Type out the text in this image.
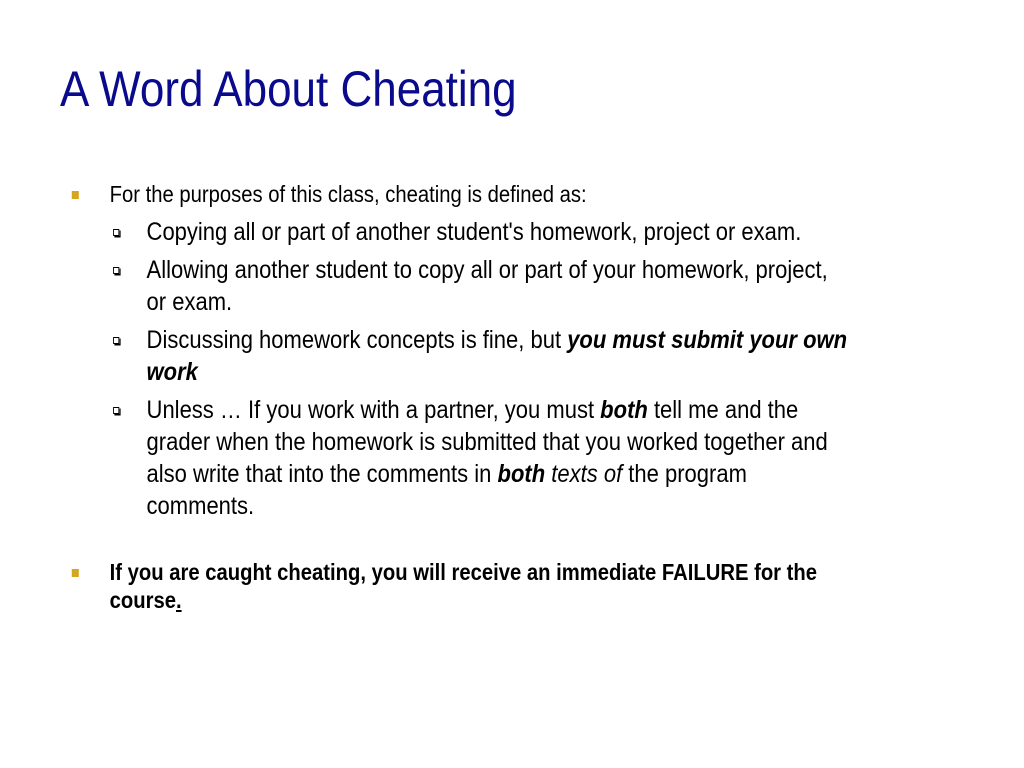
A Word About Cheating
For the purposes of this class, cheating is defined as:
Copying all or part of another student's homework, project or exam.
Allowing another student to copy all or part of your homework, project, or exam.
Discussing homework concepts is fine, but you must submit your own work
Unless … If you work with a partner, you must both tell me and the grader when the homework is submitted that you worked together and also write that into the comments in both texts of the program comments.
If you are caught cheating, you will receive an immediate FAILURE for the course.
